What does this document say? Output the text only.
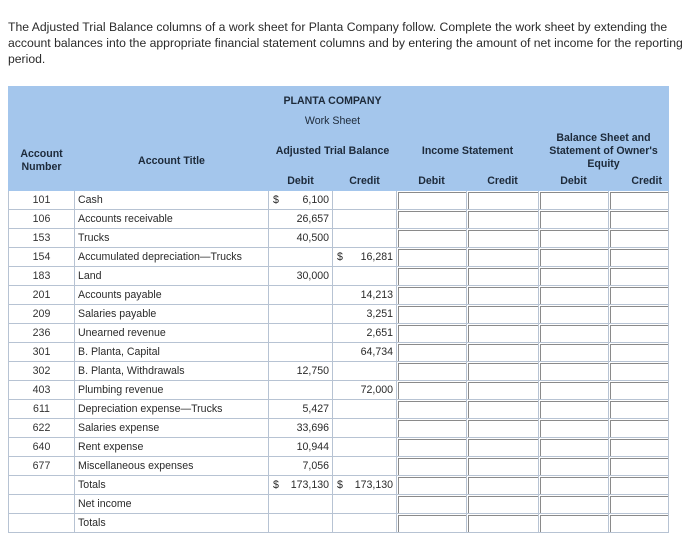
The Adjusted Trial Balance columns of a work sheet for Planta Company follow. Complete the work sheet by extending the account balances into the appropriate financial statement columns and by entering the amount of net income for the reporting period.
		PLANTA COMPANY					
		Work Sheet					
Account Number	Account Title	Adjusted Trial Balance		Income Statement		Balance Sheet and Statement of Owner's Equity	
		Debit	Credit	Debit	Credit	Debit	Credit
101	Cash	$ 6,100					
106	Accounts receivable	26,657					
153	Trucks	40,500					
154	Accumulated depreciation—Trucks		$ 16,281				
183	Land	30,000					
201	Accounts payable		14,213				
209	Salaries payable		3,251				
236	Unearned revenue		2,651				
301	B. Planta, Capital		64,734				
302	B. Planta, Withdrawals	12,750					
403	Plumbing revenue		72,000				
611	Depreciation expense—Trucks	5,427					
622	Salaries expense	33,696					
640	Rent expense	10,944					
677	Miscellaneous expenses	7,056					
	Totals	$ 173,130	$ 173,130				
	Net income						
	Totals						
